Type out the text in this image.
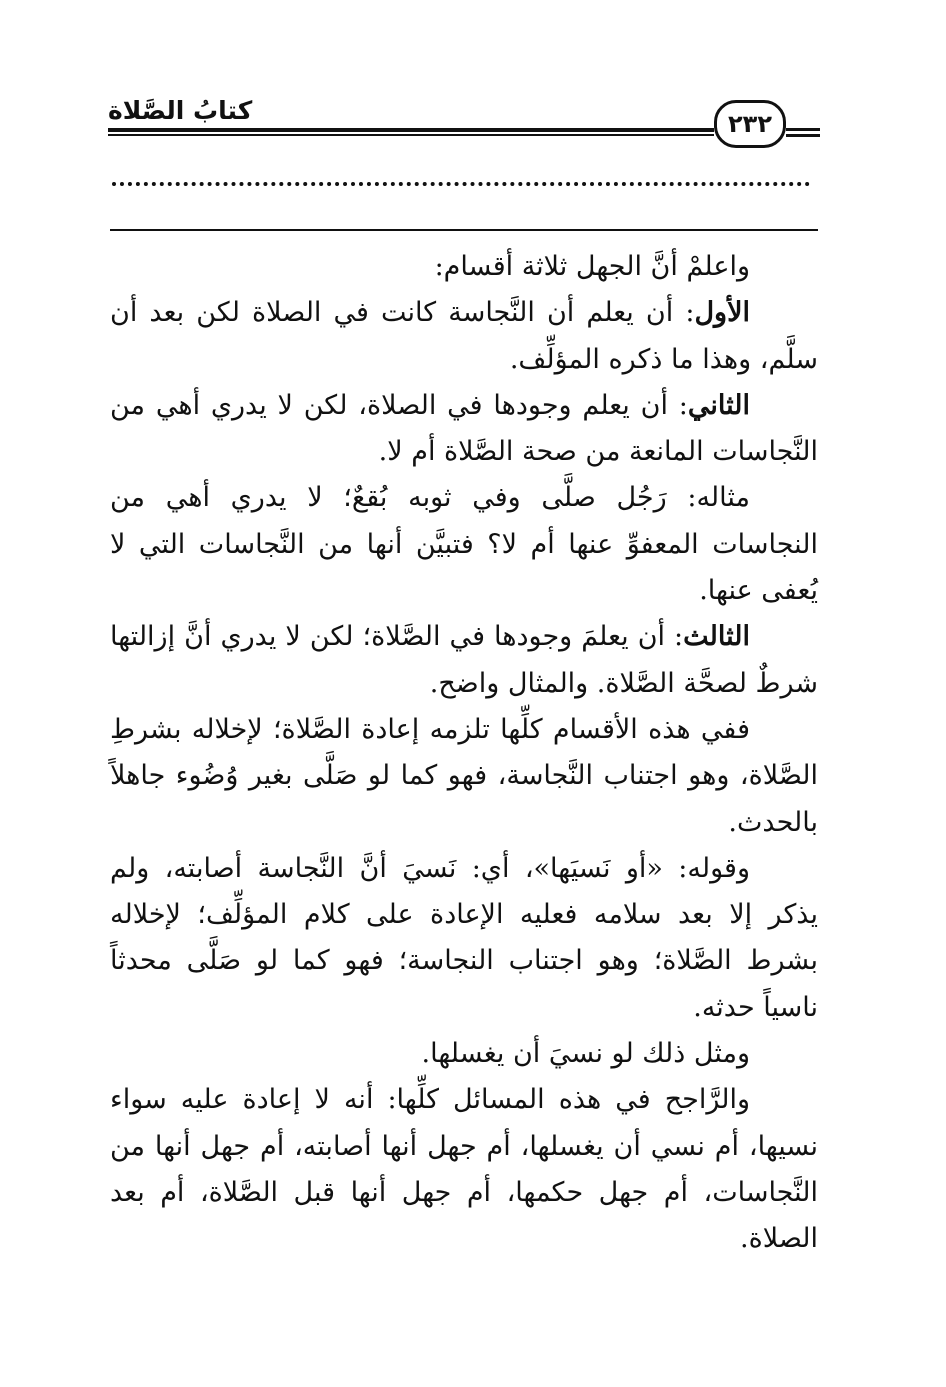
كتابُ الصَّلاة	٢٣٢

واعلمْ أنَّ الجهل ثلاثة أقسام:

الأول: أن يعلم أن النَّجاسة كانت في الصلاة لكن بعد أن سلَّم، وهذا ما ذكره المؤلِّف.

الثاني: أن يعلم وجودها في الصلاة، لكن لا يدري أهي من النَّجاسات المانعة من صحة الصَّلاة أم لا.

مثاله: رَجُل صلَّى وفي ثوبه بُقعٌ؛ لا يدري أهي من النجاسات المعفوِّ عنها أم لا؟ فتبيَّن أنها من النَّجاسات التي لا يُعفى عنها.

الثالث: أن يعلمَ وجودها في الصَّلاة؛ لكن لا يدري أنَّ إزالتها شرطٌ لصحَّة الصَّلاة. والمثال واضح.

ففي هذه الأقسام كلِّها تلزمه إعادة الصَّلاة؛ لإخلاله بشرطِ الصَّلاة، وهو اجتناب النَّجاسة، فهو كما لو صَلَّى بغير وُضُوء جاهلاً بالحدث.

وقوله: «أو نَسيَها»، أي: نَسيَ أنَّ النَّجاسة أصابته، ولم يذكر إلا بعد سلامه فعليه الإعادة على كلام المؤلِّف؛ لإخلاله بشرط الصَّلاة؛ وهو اجتناب النجاسة؛ فهو كما لو صَلَّى محدثاً ناسياً حدثه.

ومثل ذلك لو نسيَ أن يغسلها.

والرَّاجح في هذه المسائل كلِّها: أنه لا إعادة عليه سواء نسيها، أم نسي أن يغسلها، أم جهل أنها أصابته، أم جهل أنها من النَّجاسات، أم جهل حكمها، أم جهل أنها قبل الصَّلاة، أم بعد الصلاة.
